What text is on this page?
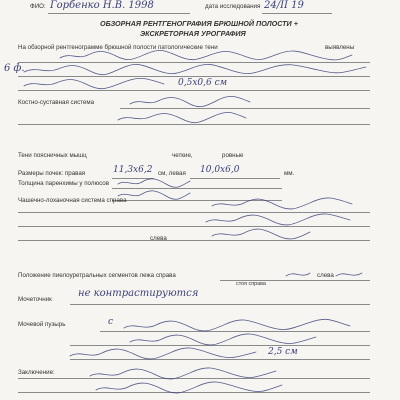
ФИО: Горбенко Н.В. 1998	дата исследования 24/II 19
ОБЗОРНАЯ РЕНТГЕНОГРАФИЯ БРЮШНОЙ ПОЛОСТИ +
ЭКСКРЕТОРНАЯ УРОГРАФИЯ
На обзорной рентгенограмме брюшной полости патологические тени	выявлены
0,5х0,6 см
6 ф.
Костно-суставная система
Тени поясничных мышц	четкие,	ровные
Размеры почек: правая	11,3х6,2 см, левая 10,0х6,0	мм.
Толщина паренхимы у полюсов
Чашечно-лоханочная система справа
слева
Положение пиелоуретральных сегментов лежа справа	слева
стоя справа
Мочеточник
не контрастируются
Мочевой пузырь	с
2,5 см
Заключение:
